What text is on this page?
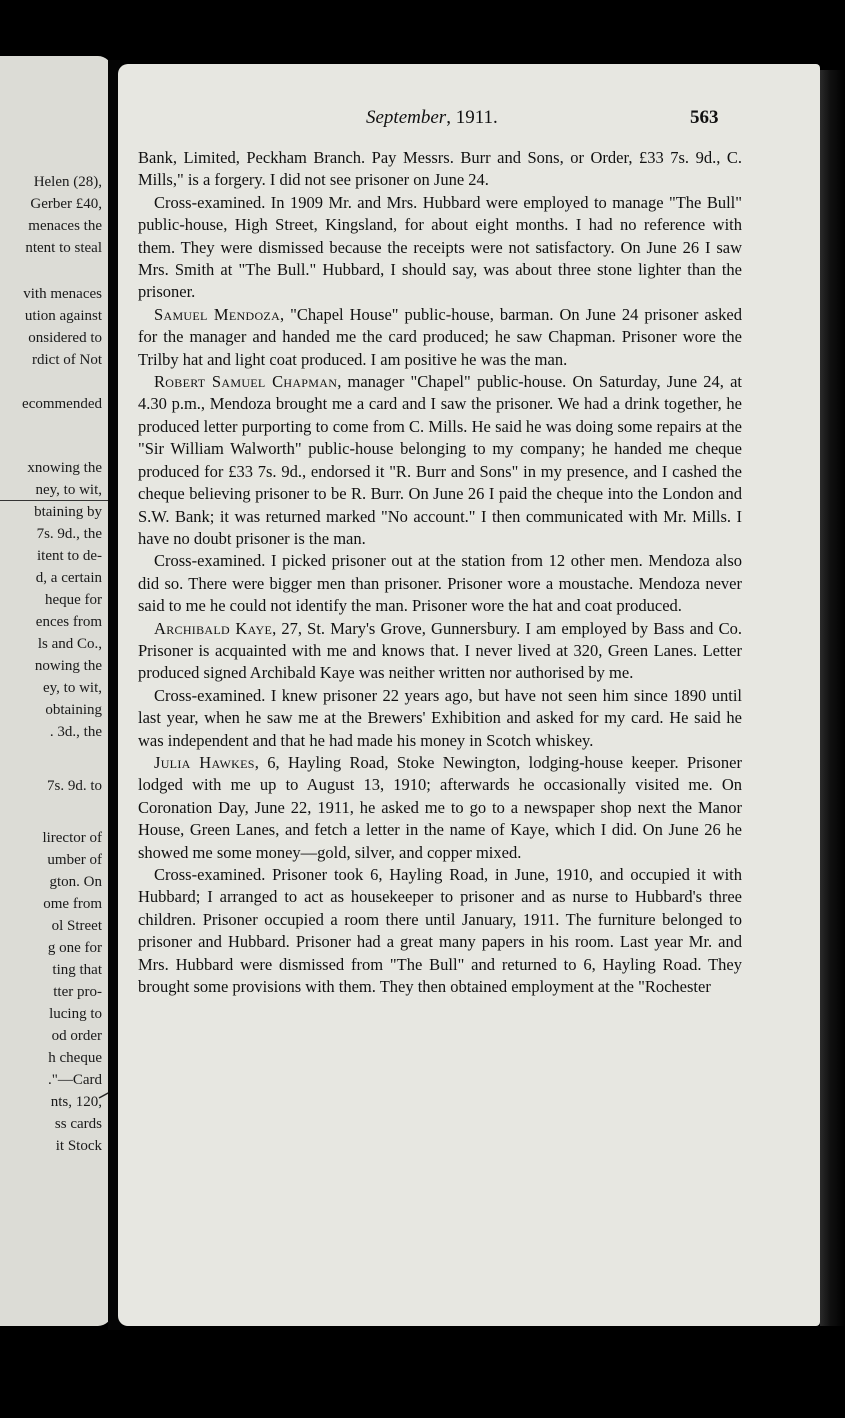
Helen (28),
Gerber £40,
menaces the
ntent to steal
vith menaces
ution against
onsidered to
rdict of Not
ecommended
xnowing the
ney, to wit,
btaining by
7s. 9d., the
itent to de-
d, a certain
heque for
ences from
ls and Co.,
nowing the
ey, to wit,
obtaining
. 3d., the
7s. 9d. to
lirector of
umber of
gton. On
ome from
ol Street
g one for
ting that
tter pro-
lucing to
od order
h cheque
."—Card
nts, 120,
ss cards
it Stock
September, 1911.	563

Bank, Limited, Peckham Branch. Pay Messrs. Burr and Sons, or Order, £33 7s. 9d., C. Mills," is a forgery. I did not see prisoner on June 24.

Cross-examined. In 1909 Mr. and Mrs. Hubbard were employed to manage "The Bull" public-house, High Street, Kingsland, for about eight months. I had no reference with them. They were dismissed because the receipts were not satisfactory. On June 26 I saw Mrs. Smith at "The Bull." Hubbard, I should say, was about three stone lighter than the prisoner.

Samuel Mendoza, "Chapel House" public-house, barman. On June 24 prisoner asked for the manager and handed me the card produced; he saw Chapman. Prisoner wore the Trilby hat and light coat produced. I am positive he was the man.

Robert Samuel Chapman, manager "Chapel" public-house. On Saturday, June 24, at 4.30 p.m., Mendoza brought me a card and I saw the prisoner. We had a drink together, he produced letter purporting to come from C. Mills. He said he was doing some repairs at the "Sir William Walworth" public-house belonging to my company; he handed me cheque produced for £33 7s. 9d., endorsed it "R. Burr and Sons" in my presence, and I cashed the cheque believing prisoner to be R. Burr. On June 26 I paid the cheque into the London and S.W. Bank; it was returned marked "No account." I then communicated with Mr. Mills. I have no doubt prisoner is the man.

Cross-examined. I picked prisoner out at the station from 12 other men. Mendoza also did so. There were bigger men than prisoner. Prisoner wore a moustache. Mendoza never said to me he could not identify the man. Prisoner wore the hat and coat produced.

Archibald Kaye, 27, St. Mary's Grove, Gunnersbury. I am employed by Bass and Co. Prisoner is acquainted with me and knows that. I never lived at 320, Green Lanes. Letter produced signed Archibald Kaye was neither written nor authorised by me.

Cross-examined. I knew prisoner 22 years ago, but have not seen him since 1890 until last year, when he saw me at the Brewers' Exhibition and asked for my card. He said he was independent and that he had made his money in Scotch whiskey.

Julia Hawkes, 6, Hayling Road, Stoke Newington, lodging-house keeper. Prisoner lodged with me up to August 13, 1910; afterwards he occasionally visited me. On Coronation Day, June 22, 1911, he asked me to go to a newspaper shop next the Manor House, Green Lanes, and fetch a letter in the name of Kaye, which I did. On June 26 he showed me some money—gold, silver, and copper mixed.

Cross-examined. Prisoner took 6, Hayling Road, in June, 1910, and occupied it with Hubbard; I arranged to act as housekeeper to prisoner and as nurse to Hubbard's three children. Prisoner occupied a room there until January, 1911. The furniture belonged to prisoner and Hubbard. Prisoner had a great many papers in his room. Last year Mr. and Mrs. Hubbard were dismissed from "The Bull" and returned to 6, Hayling Road. They brought some provisions with them. They then obtained employment at the "Rochester
